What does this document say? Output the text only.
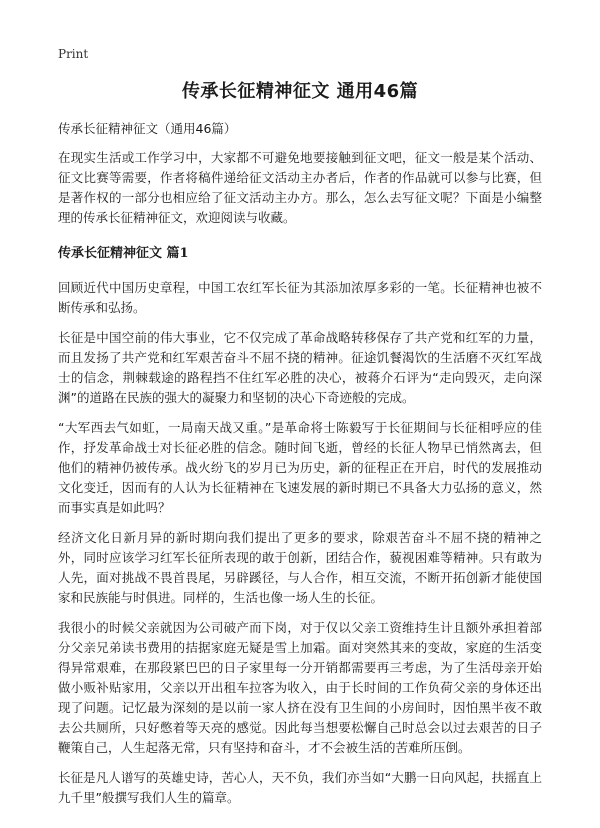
Print

传承长征精神征文 通用46篇

传承长征精神征文（通用46篇）

在现实生活或工作学习中，大家都不可避免地要接触到征文吧，征文一般是某个活动、征文比赛等需要，作者将稿件递给征文活动主办者后，作者的作品就可以参与比赛，但是著作权的一部分也相应给了征文活动主办方。那么，怎么去写征文呢？下面是小编整理的传承长征精神征文，欢迎阅读与收藏。

传承长征精神征文 篇1

回顾近代中国历史章程，中国工农红军长征为其添加浓厚多彩的一笔。长征精神也被不断传承和弘扬。

长征是中国空前的伟大事业，它不仅完成了革命战略转移保存了共产党和红军的力量，而且发扬了共产党和红军艰苦奋斗不屈不挠的精神。征途饥餐渴饮的生活磨不灭红军战士的信念，荆棘载途的路程挡不住红军必胜的决心，被蒋介石评为“走向毁灭，走向深渊”的道路在民族的强大的凝聚力和坚韧的决心下奇迹般的完成。

“大军西去气如虹，一局南天战又重。”是革命将士陈毅写于长征期间与长征相呼应的佳作，抒发革命战士对长征必胜的信念。随时间飞逝，曾经的长征人物早已悄然离去，但他们的精神仍被传承。战火纷飞的岁月已为历史，新的征程正在开启，时代的发展推动文化变迁，因而有的人认为长征精神在飞速发展的新时期已不具备大力弘扬的意义，然而事实真是如此吗？

经济文化日新月异的新时期向我们提出了更多的要求，除艰苦奋斗不屈不挠的精神之外，同时应该学习红军长征所表现的敢于创新，团结合作，藐视困难等精神。只有敢为人先，面对挑战不畏首畏尾，另辟蹊径，与人合作，相互交流，不断开拓创新才能使国家和民族能与时俱进。同样的，生活也像一场人生的长征。

我很小的时候父亲就因为公司破产而下岗，对于仅以父亲工资维持生计且额外承担着部分父亲兄弟读书费用的拮据家庭无疑是雪上加霜。面对突然其来的变故，家庭的生活变得异常艰难，在那段紧巴巴的日子家里每一分开销都需要再三考虑，为了生活母亲开始做小贩补贴家用，父亲以开出租车拉客为收入，由于长时间的工作负荷父亲的身体还出现了问题。记忆最为深刻的是以前一家人挤在没有卫生间的小房间时，因怕黑半夜不敢去公共厕所，只好憋着等天亮的感觉。因此每当想要松懈自己时总会以过去艰苦的日子鞭策自己，人生起落无常，只有坚持和奋斗，才不会被生活的苦难所压倒。

长征是凡人谱写的英雄史诗，苦心人，天不负，我们亦当如“大鹏一日向风起，扶摇直上九千里”般撰写我们人生的篇章。
